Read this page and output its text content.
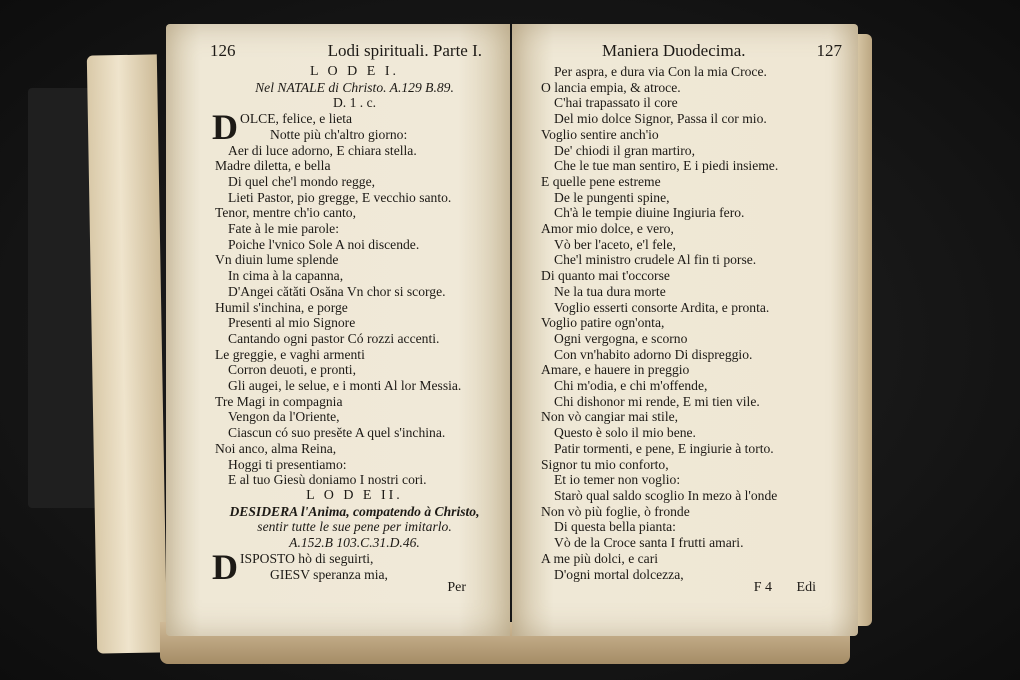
126	Lodi spirituali. Parte I.
L O D E I.
Nel NATALE di Christo. A.129 B.89.
D. 1 . c.
DOLCE, felice, e lieta
Notte più ch'altro giorno:
Aer di luce adorno, E chiara stella.
Madre diletta, e bella
Di quel che'l mondo regge,
Lieti Pastor, pio gregge, E vecchio santo.
Tenor, mentre ch'io canto,
Fate à le mie parole:
Poiche l'vnico Sole A noi discende.
Vn diuin lume splende
In cima à la capanna,
D'Angei cătăti Osăna Vn chor si scorge.
Humil s'inchina, e porge
Presenti al mio Signore
Cantando ogni pastor Có rozzi accenti.
Le greggie, e vaghi armenti
Corron deuoti, e pronti,
Gli augei, le selue, e i monti Al lor Messia.
Tre Magi in compagnia
Vengon da l'Oriente,
Ciascun có suo presĕte A quel s'inchina.
Noi anco, alma Reina,
Hoggi ti presentiamo:
E al tuo Giesù doniamo I nostri cori.
L O D E II.
DESIDERA l'Anima, compatendo à Christo,
sentir tutte le sue pene per imitarlo.
A.152.B 103.C.31.D.46.
DISPOSTO hò di seguirti,
GIESV speranza mia,
Per
Maniera Duodecima.	127
Per aspra, e dura via Con la mia Croce.
O lancia empia, & atroce.
C'hai trapassato il core
Del mio dolce Signor, Passa il cor mio.
Voglio sentire anch'io
De' chiodi il gran martiro,
Che le tue man sentiro, E i piedi insieme.
E quelle pene estreme
De le pungenti spine,
Ch'à le tempie diuine Ingiuria fero.
Amor mio dolce, e vero,
Vò ber l'aceto, e'l fele,
Che'l ministro crudele Al fin ti porse.
Di quanto mai t'occorse
Ne la tua dura morte
Voglio esserti consorte Ardita, e pronta.
Voglio patire ogn'onta,
Ogni vergogna, e scorno
Con vn'habito adorno Di dispreggio.
Amare, e hauere in preggio
Chi m'odia, e chi m'offende,
Chi dishonor mi rende, E mi tien vile.
Non vò cangiar mai stile,
Questo è solo il mio bene.
Patir tormenti, e pene, E ingiurie à torto.
Signor tu mio conforto,
Et io temer non voglio:
Starò qual saldo scoglio In mezo à l'onde
Non vò più foglie, ò fronde
Di questa bella pianta:
Vò de la Croce santa I frutti amari.
A me più dolci, e cari
D'ogni mortal dolcezza,
F 4 Edi
